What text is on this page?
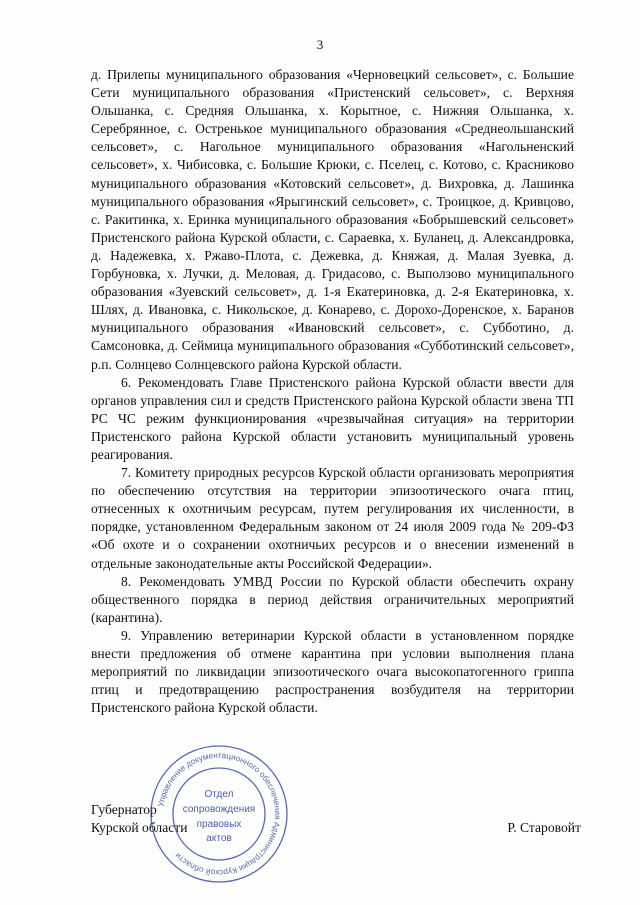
3

д. Прилепы муниципального образования «Черновецкий сельсовет», с. Большие Сети муниципального образования «Пристенский сельсовет», с. Верхняя Ольшанка, с. Средняя Ольшанка, х. Корытное, с. Нижняя Ольшанка, х. Серебрянное, с. Остренькое муниципального образования «Среднеольшанский сельсовет», с. Нагольное муниципального образования «Нагольненский сельсовет», х. Чибисовка, с. Большие Крюки, с. Пселец, с. Котово, с. Красниково муниципального образования «Котовский сельсовет», д. Вихровка, д. Лашинка муниципального образования «Ярыгинский сельсовет», с. Троицкое, д. Кривцово, с. Ракитинка, х. Еринка муниципального образования «Бобрышевский сельсовет» Пристенского района Курской области, с. Сараевка, х. Буланец, д. Александровка, д. Надежевка, х. Ржаво-Плота, с. Дежевка, д. Княжая, д. Малая Зуевка, д. Горбуновка, х. Лучки, д. Меловая, д. Гридасово, с. Выползово муниципального образования «Зуевский сельсовет», д. 1-я Екатериновка, д. 2-я Екатериновка, х. Шлях, д. Ивановка, с. Никольское, д. Конарево, с. Дорохо-Доренское, х. Баранов муниципального образования «Ивановский сельсовет», с. Субботино, д. Самсоновка, д. Сеймица муниципального образования «Субботинский сельсовет», р.п. Солнцево Солнцевского района Курской области.

6. Рекомендовать Главе Пристенского района Курской области ввести для органов управления сил и средств Пристенского района Курской области звена ТП РС ЧС режим функционирования «чрезвычайная ситуация» на территории Пристенского района Курской области установить муниципальный уровень реагирования.

7. Комитету природных ресурсов Курской области организовать мероприятия по обеспечению отсутствия на территории эпизоотического очага птиц, отнесенных к охотничьим ресурсам, путем регулирования их численности, в порядке, установленном Федеральным законом от 24 июля 2009 года № 209-ФЗ «Об охоте и о сохранении охотничьих ресурсов и о внесении изменений в отдельные законодательные акты Российской Федерации».

8. Рекомендовать УМВД России по Курской области обеспечить охрану общественного порядка в период действия ограничительных мероприятий (карантина).

9. Управлению ветеринарии Курской области в установленном порядке внести предложения об отмене карантина при условии выполнения плана мероприятий по ликвидации эпизоотического очага высокопатогенного гриппа птиц и предотвращению распространения возбудителя на территории Пристенского района Курской области.

Губернатор
Курской области	Р. Старовойт
Управление документационного обеспечения Администрации Курской области
Отдел
сопровождения
правовых
актов
